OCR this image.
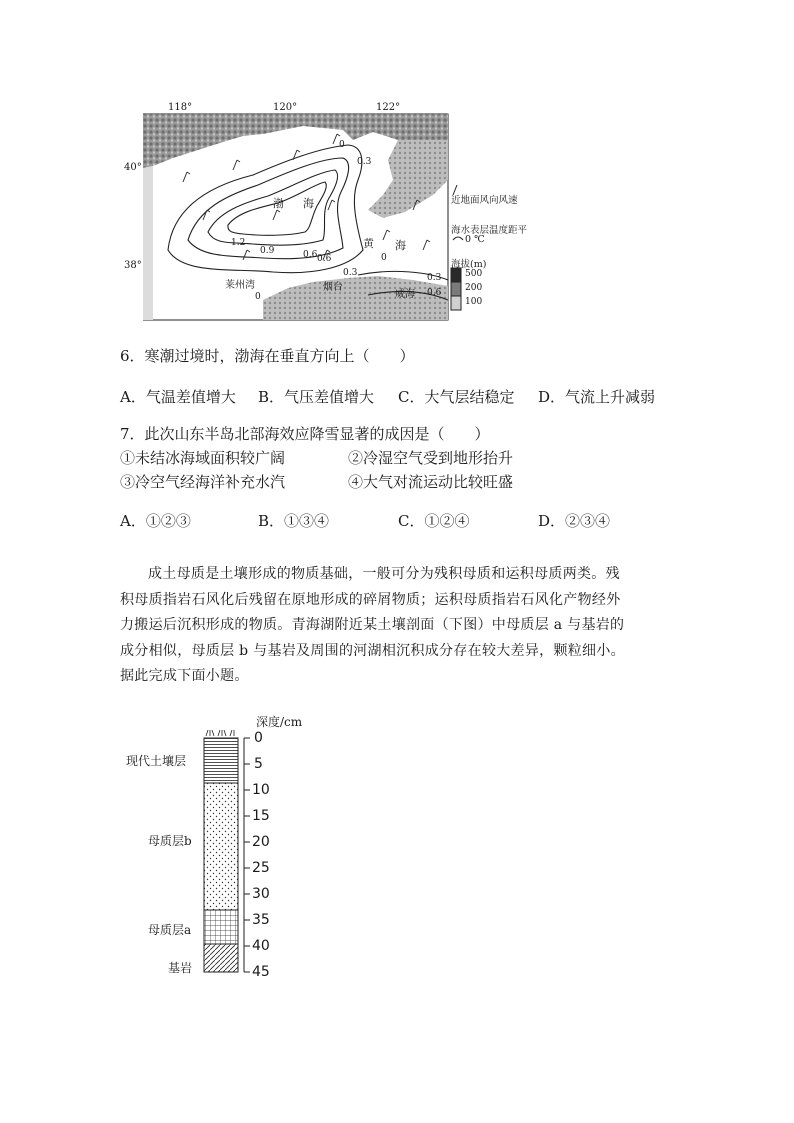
118°	120°	122°
40°
38°
渤 海
黄 海
莱州湾	烟台
威海
0
0.3
0.6
0.9
1.2
0.6
0.3
0
0.3
0.6
0
近地面风向风速
海水表层温度距平
0 ℃
海拔(m)
500
200
100
6．寒潮过境时，渤海在垂直方向上（　　）
A．气温差值增大 B．气压差值增大 C．大气层结稳定 D．气流上升减弱
7．此次山东半岛北部海效应降雪显著的成因是（　　）
①未结冰海域面积较广阔	②冷湿空气受到地形抬升
③冷空气经海洋补充水汽	④大气对流运动比较旺盛
A．①②③	B．①③④	C．①②④	D．②③④
成土母质是土壤形成的物质基础，一般可分为残积母质和运积母质两类。残
积母质指岩石风化后残留在原地形成的碎屑物质；运积母质指岩石风化产物经外
力搬运后沉积形成的物质。青海湖附近某土壤剖面（下图）中母质层 a 与基岩的
成分相似，母质层 b 与基岩及周围的河湖相沉积成分存在较大差异，颗粒细小。
据此完成下面小题。
深度/cm
0
5
10
15
20
25
30
35
40
45
现代土壤层
母质层b
母质层a
基岩
